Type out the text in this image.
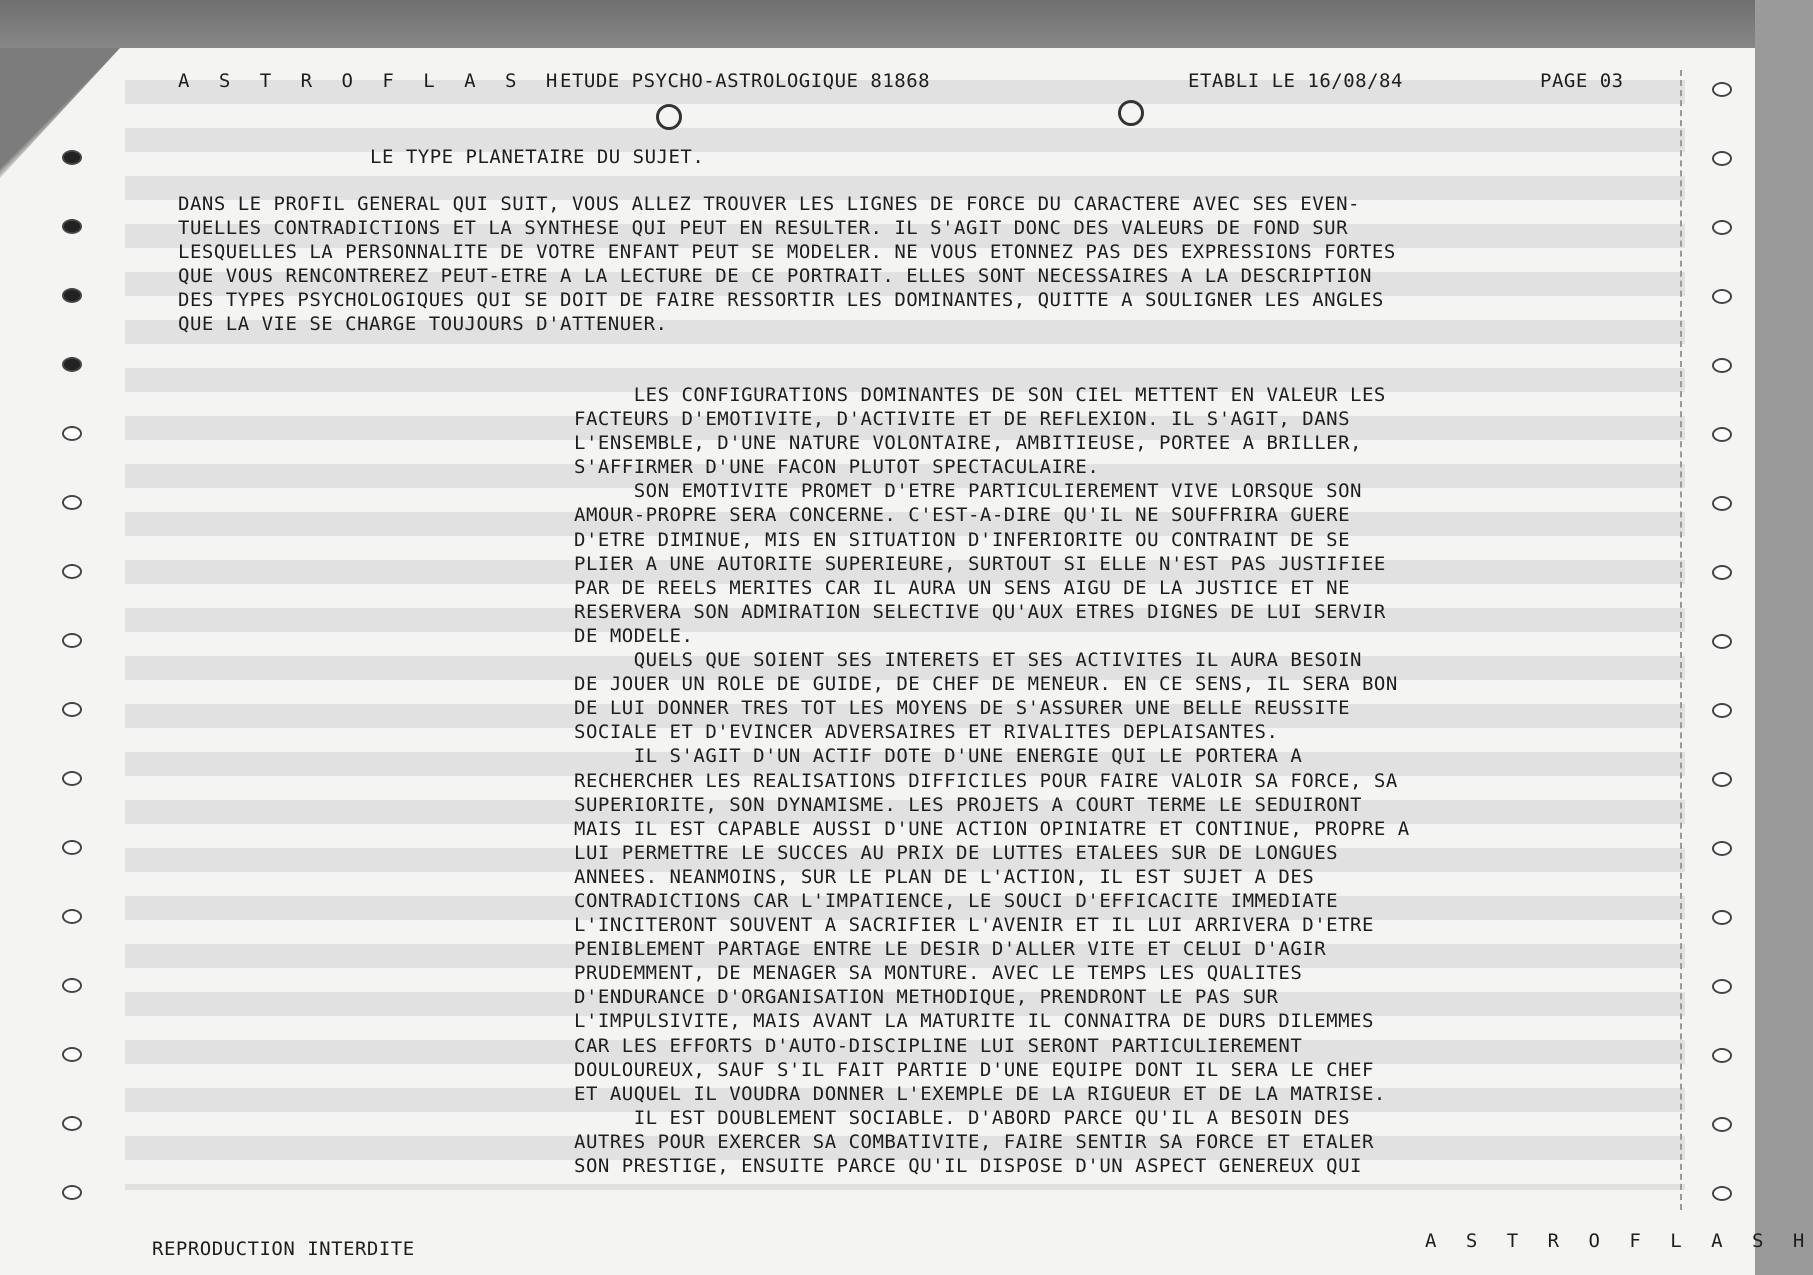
A S T R O F L A S H
ETUDE PSYCHO-ASTROLOGIQUE 81868	ETABLI LE 16/08/84	PAGE 03
LE TYPE PLANETAIRE DU SUJET.
DANS LE PROFIL GENERAL QUI SUIT, VOUS ALLEZ TROUVER LES LIGNES DE FORCE DU CARACTERE AVEC SES EVEN-
TUELLES CONTRADICTIONS ET LA SYNTHESE QUI PEUT EN RESULTER. IL S'AGIT DONC DES VALEURS DE FOND SUR
LESQUELLES LA PERSONNALITE DE VOTRE ENFANT PEUT SE MODELER. NE VOUS ETONNEZ PAS DES EXPRESSIONS FORTES
QUE VOUS RENCONTREREZ PEUT-ETRE A LA LECTURE DE CE PORTRAIT. ELLES SONT NECESSAIRES A LA DESCRIPTION
DES TYPES PSYCHOLOGIQUES QUI SE DOIT DE FAIRE RESSORTIR LES DOMINANTES, QUITTE A SOULIGNER LES ANGLES
QUE LA VIE SE CHARGE TOUJOURS D'ATTENUER.
LES CONFIGURATIONS DOMINANTES DE SON CIEL METTENT EN VALEUR LES
FACTEURS D'EMOTIVITE, D'ACTIVITE ET DE REFLEXION. IL S'AGIT, DANS
L'ENSEMBLE, D'UNE NATURE VOLONTAIRE, AMBITIEUSE, PORTEE A BRILLER,
S'AFFIRMER D'UNE FACON PLUTOT SPECTACULAIRE.
SON EMOTIVITE PROMET D'ETRE PARTICULIEREMENT VIVE LORSQUE SON
AMOUR-PROPRE SERA CONCERNE. C'EST-A-DIRE QU'IL NE SOUFFRIRA GUERE
D'ETRE DIMINUE, MIS EN SITUATION D'INFERIORITE OU CONTRAINT DE SE
PLIER A UNE AUTORITE SUPERIEURE, SURTOUT SI ELLE N'EST PAS JUSTIFIEE
PAR DE REELS MERITES CAR IL AURA UN SENS AIGU DE LA JUSTICE ET NE
RESERVERA SON ADMIRATION SELECTIVE QU'AUX ETRES DIGNES DE LUI SERVIR
DE MODELE.
QUELS QUE SOIENT SES INTERETS ET SES ACTIVITES IL AURA BESOIN
DE JOUER UN ROLE DE GUIDE, DE CHEF DE MENEUR. EN CE SENS, IL SERA BON
DE LUI DONNER TRES TOT LES MOYENS DE S'ASSURER UNE BELLE REUSSITE
SOCIALE ET D'EVINCER ADVERSAIRES ET RIVALITES DEPLAISANTES.
IL S'AGIT D'UN ACTIF DOTE D'UNE ENERGIE QUI LE PORTERA A
RECHERCHER LES REALISATIONS DIFFICILES POUR FAIRE VALOIR SA FORCE, SA
SUPERIORITE, SON DYNAMISME. LES PROJETS A COURT TERME LE SEDUIRONT
MAIS IL EST CAPABLE AUSSI D'UNE ACTION OPINIATRE ET CONTINUE, PROPRE A
LUI PERMETTRE LE SUCCES AU PRIX DE LUTTES ETALEES SUR DE LONGUES
ANNEES. NEANMOINS, SUR LE PLAN DE L'ACTION, IL EST SUJET A DES
CONTRADICTIONS CAR L'IMPATIENCE, LE SOUCI D'EFFICACITE IMMEDIATE
L'INCITERONT SOUVENT A SACRIFIER L'AVENIR ET IL LUI ARRIVERA D'ETRE
PENIBLEMENT PARTAGE ENTRE LE DESIR D'ALLER VITE ET CELUI D'AGIR
PRUDEMMENT, DE MENAGER SA MONTURE. AVEC LE TEMPS LES QUALITES
D'ENDURANCE D'ORGANISATION METHODIQUE, PRENDRONT LE PAS SUR
L'IMPULSIVITE, MAIS AVANT LA MATURITE IL CONNAITRA DE DURS DILEMMES
CAR LES EFFORTS D'AUTO-DISCIPLINE LUI SERONT PARTICULIEREMENT
DOULOUREUX, SAUF S'IL FAIT PARTIE D'UNE EQUIPE DONT IL SERA LE CHEF
ET AUQUEL IL VOUDRA DONNER L'EXEMPLE DE LA RIGUEUR ET DE LA MATRISE.
IL EST DOUBLEMENT SOCIABLE. D'ABORD PARCE QU'IL A BESOIN DES
AUTRES POUR EXERCER SA COMBATIVITE, FAIRE SENTIR SA FORCE ET ETALER
SON PRESTIGE, ENSUITE PARCE QU'IL DISPOSE D'UN ASPECT GENEREUX QUI
REPRODUCTION INTERDITE	A S T R O F L A S H
